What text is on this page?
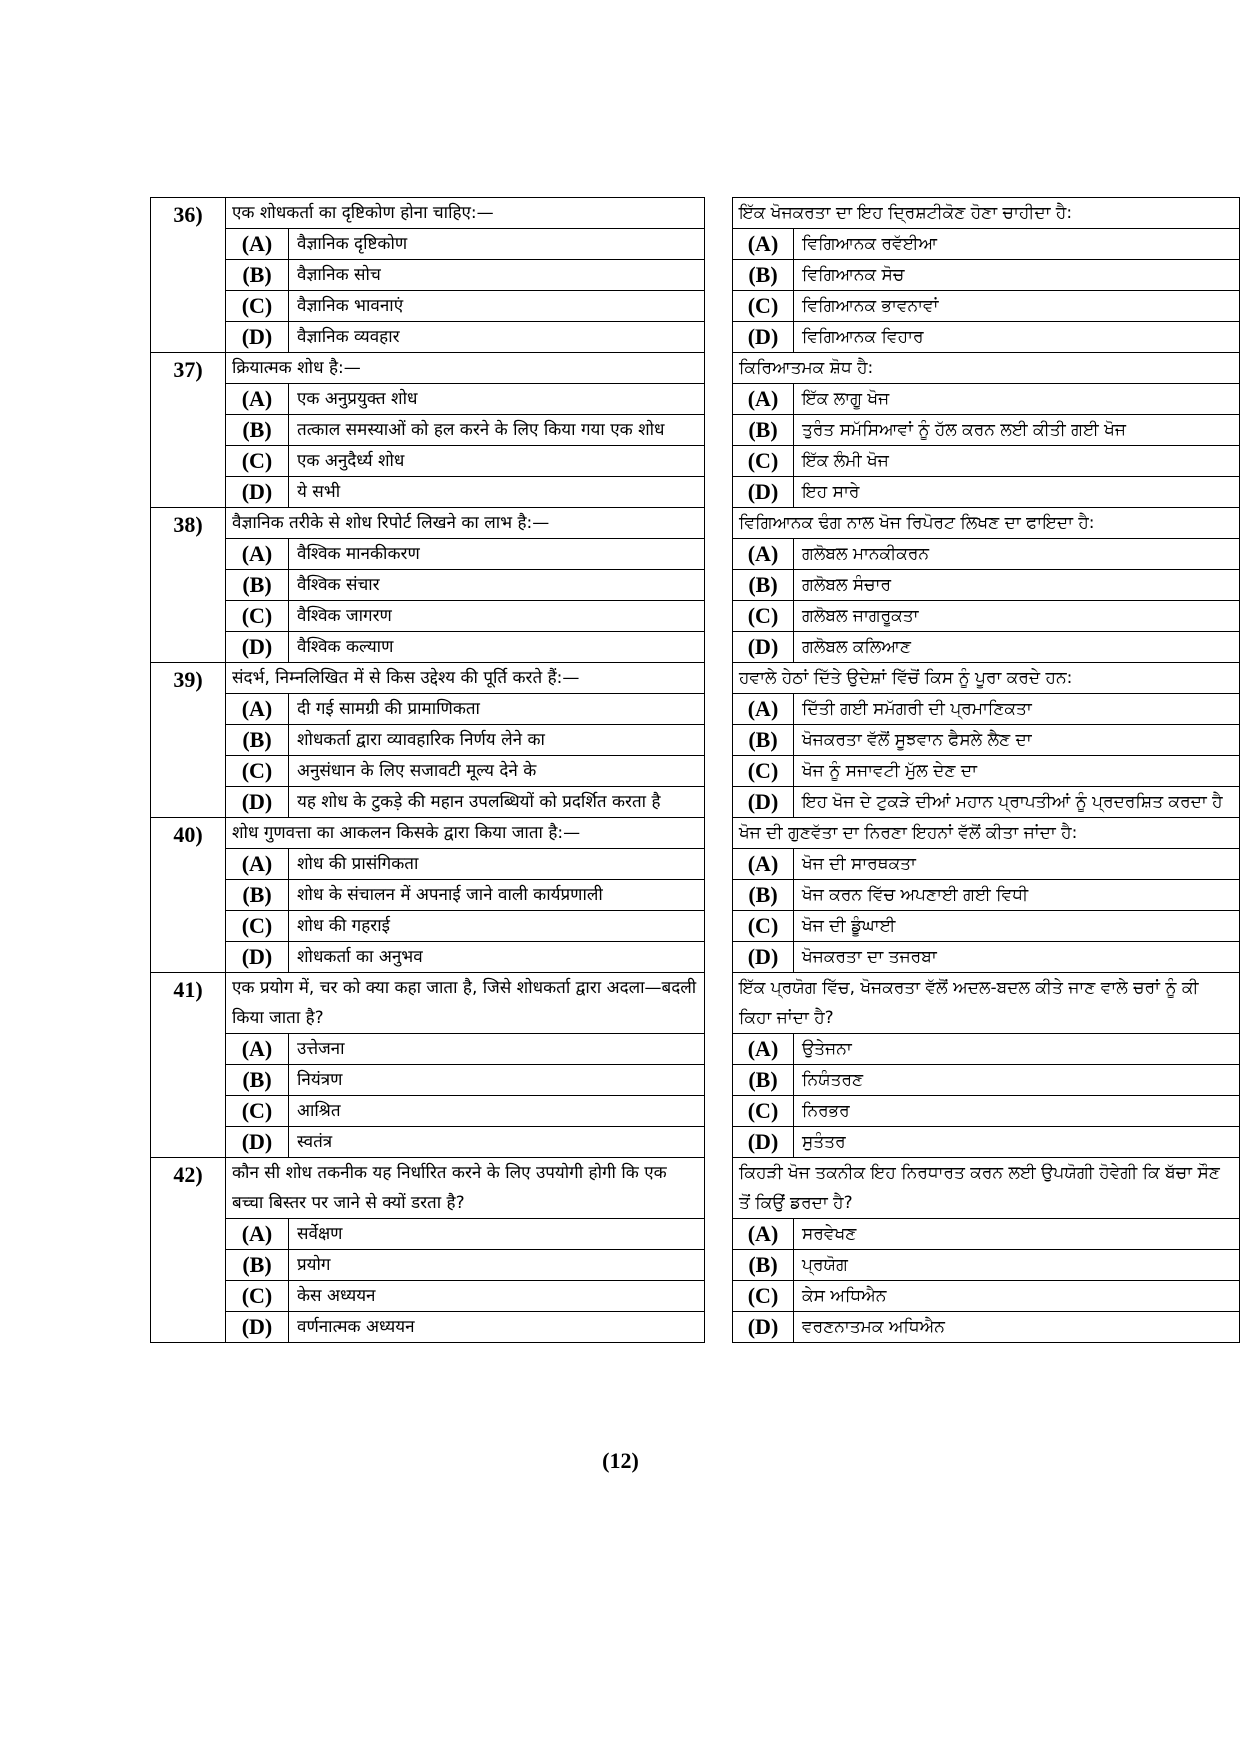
36)	एक शोधकर्ता का दृष्टिकोण होना चाहिए:—			ਇੱਕ ਖੋਜਕਰਤਾ ਦਾ ਇਹ ਦ੍ਰਿਸ਼ਟੀਕੋਣ ਹੋਣਾ ਚਾਹੀਦਾ ਹੈ:	
	(A)	वैज्ञानिक दृष्टिकोण		(A)	ਵਿਗਿਆਨਕ ਰਵੱਈਆ
	(B)	वैज्ञानिक सोच		(B)	ਵਿਗਿਆਨਕ ਸੋਚ
	(C)	वैज्ञानिक भावनाएं		(C)	ਵਿਗਿਆਨਕ ਭਾਵਨਾਵਾਂ
	(D)	वैज्ञानिक व्यवहार		(D)	ਵਿਗਿਆਨਕ ਵਿਹਾਰ
37)	क्रियात्मक शोध है:—			ਕਿਰਿਆਤਮਕ ਸ਼ੋਧ ਹੈ:	
	(A)	एक अनुप्रयुक्त शोध		(A)	ਇੱਕ ਲਾਗੂ ਖੋਜ
	(B)	तत्काल समस्याओं को हल करने के लिए किया गया एक शोध		(B)	ਤੁਰੰਤ ਸਮੱਸਿਆਵਾਂ ਨੂੰ ਹੱਲ ਕਰਨ ਲਈ ਕੀਤੀ ਗਈ ਖੋਜ
	(C)	एक अनुदैर्ध्य शोध		(C)	ਇੱਕ ਲੰਮੀ ਖੋਜ
	(D)	ये सभी		(D)	ਇਹ ਸਾਰੇ
38)	वैज्ञानिक तरीके से शोध रिपोर्ट लिखने का लाभ है:—			ਵਿਗਿਆਨਕ ਢੰਗ ਨਾਲ ਖੋਜ ਰਿਪੋਰਟ ਲਿਖਣ ਦਾ ਫਾਇਦਾ ਹੈ:	
	(A)	वैश्विक मानकीकरण		(A)	ਗਲੋਬਲ ਮਾਨਕੀਕਰਨ
	(B)	वैश्विक संचार		(B)	ਗਲੋਬਲ ਸੰਚਾਰ
	(C)	वैश्विक जागरण		(C)	ਗਲੋਬਲ ਜਾਗਰੂਕਤਾ
	(D)	वैश्विक कल्याण		(D)	ਗਲੋਬਲ ਕਲਿਆਣ
39)	संदर्भ, निम्नलिखित में से किस उद्देश्य की पूर्ति करते हैं:—			ਹਵਾਲੇ ਹੇਠਾਂ ਦਿੱਤੇ ਉਦੇਸ਼ਾਂ ਵਿੱਚੋਂ ਕਿਸ ਨੂੰ ਪੂਰਾ ਕਰਦੇ ਹਨ:	
	(A)	दी गई सामग्री की प्रामाणिकता		(A)	ਦਿੱਤੀ ਗਈ ਸਮੱਗਰੀ ਦੀ ਪ੍ਰਮਾਣਿਕਤਾ
	(B)	शोधकर्ता द्वारा व्यावहारिक निर्णय लेने का		(B)	ਖੋਜਕਰਤਾ ਵੱਲੋਂ ਸੂਝਵਾਨ ਫੈਸਲੇ ਲੈਣ ਦਾ
	(C)	अनुसंधान के लिए सजावटी मूल्य देने के		(C)	ਖੋਜ ਨੂੰ ਸਜਾਵਟੀ ਮੁੱਲ ਦੇਣ ਦਾ
	(D)	यह शोध के टुकड़े की महान उपलब्धियों को प्रदर्शित करता है		(D)	ਇਹ ਖੋਜ ਦੇ ਟੁਕੜੇ ਦੀਆਂ ਮਹਾਨ ਪ੍ਰਾਪਤੀਆਂ ਨੂੰ ਪ੍ਰਦਰਸ਼ਿਤ ਕਰਦਾ ਹੈ
40)	शोध गुणवत्ता का आकलन किसके द्वारा किया जाता है:—			ਖੋਜ ਦੀ ਗੁਣਵੱਤਾ ਦਾ ਨਿਰਣਾ ਇਹਨਾਂ ਵੱਲੋਂ ਕੀਤਾ ਜਾਂਦਾ ਹੈ:	
	(A)	शोध की प्रासंगिकता		(A)	ਖੋਜ ਦੀ ਸਾਰਥਕਤਾ
	(B)	शोध के संचालन में अपनाई जाने वाली कार्यप्रणाली		(B)	ਖੋਜ ਕਰਨ ਵਿੱਚ ਅਪਣਾਈ ਗਈ ਵਿਧੀ
	(C)	शोध की गहराई		(C)	ਖੋਜ ਦੀ ਡੂੰਘਾਈ
	(D)	शोधकर्ता का अनुभव		(D)	ਖੋਜਕਰਤਾ ਦਾ ਤਜਰਬਾ
41)	एक प्रयोग में, चर को क्या कहा जाता है, जिसे शोधकर्ता द्वारा अदला—बदली किया जाता है?			ਇੱਕ ਪ੍ਰਯੋਗ ਵਿੱਚ, ਖੋਜਕਰਤਾ ਵੱਲੋਂ ਅਦਲ-ਬਦਲ ਕੀਤੇ ਜਾਣ ਵਾਲੇ ਚਰਾਂ ਨੂੰ ਕੀ ਕਿਹਾ ਜਾਂਦਾ ਹੈ?	
	(A)	उत्तेजना		(A)	ਉਤੇਜਨਾ
	(B)	नियंत्रण		(B)	ਨਿਯੰਤਰਣ
	(C)	आश्रित		(C)	ਨਿਰਭਰ
	(D)	स्वतंत्र		(D)	ਸੁਤੰਤਰ
42)	कौन सी शोध तकनीक यह निर्धारित करने के लिए उपयोगी होगी कि एक बच्चा बिस्तर पर जाने से क्यों डरता है?			ਕਿਹੜੀ ਖੋਜ ਤਕਨੀਕ ਇਹ ਨਿਰਧਾਰਤ ਕਰਨ ਲਈ ਉਪਯੋਗੀ ਹੋਵੇਗੀ ਕਿ ਬੱਚਾ ਸੌਣ ਤੋਂ ਕਿਉਂ ਡਰਦਾ ਹੈ?	
	(A)	सर्वेक्षण		(A)	ਸਰਵੇਖਣ
	(B)	प्रयोग		(B)	ਪ੍ਰਯੋਗ
	(C)	केस अध्ययन		(C)	ਕੇਸ ਅਧਿਐਨ
	(D)	वर्णनात्मक अध्ययन		(D)	ਵਰਣਨਾਤਮਕ ਅਧਿਐਨ
(12)
